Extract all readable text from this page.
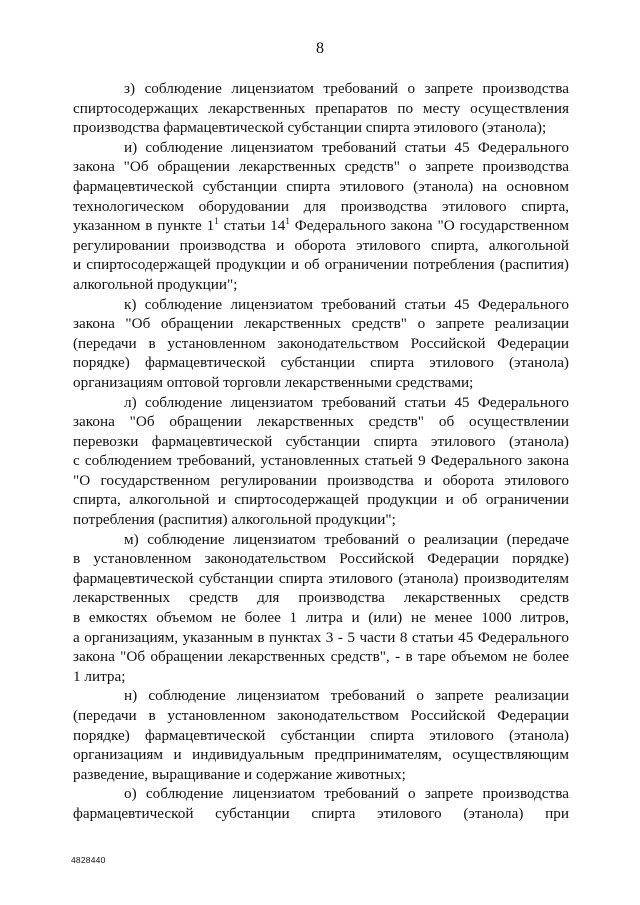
8
з) соблюдение лицензиатом требований о запрете производства
спиртосодержащих лекарственных препаратов по месту осуществления
производства фармацевтической субстанции спирта этилового (этанола);
и) соблюдение лицензиатом требований статьи 45 Федерального
закона "Об обращении лекарственных средств" о запрете производства
фармацевтической субстанции спирта этилового (этанола) на основном
технологическом оборудовании для производства этилового спирта,
указанном в пункте $1^1$ статьи $14^1$ Федерального закона "О государственном
регулировании производства и оборота этилового спирта, алкогольной
и спиртосодержащей продукции и об ограничении потребления (распития)
алкогольной продукции";
к) соблюдение лицензиатом требований статьи 45 Федерального
закона "Об обращении лекарственных средств" о запрете реализации
(передачи в установленном законодательством Российской Федерации
порядке) фармацевтической субстанции спирта этилового (этанола)
организациям оптовой торговли лекарственными средствами;
л) соблюдение лицензиатом требований статьи 45 Федерального
закона "Об обращении лекарственных средств" об осуществлении
перевозки фармацевтической субстанции спирта этилового (этанола)
с соблюдением требований, установленных статьей 9 Федерального закона
"О государственном регулировании производства и оборота этилового
спирта, алкогольной и спиртосодержащей продукции и об ограничении
потребления (распития) алкогольной продукции";
м) соблюдение лицензиатом требований о реализации (передаче
в установленном законодательством Российской Федерации порядке)
фармацевтической субстанции спирта этилового (этанола) производителям
лекарственных средств для производства лекарственных средств
в емкостях объемом не более 1 литра и (или) не менее 1000 литров,
а организациям, указанным в пунктах 3 - 5 части 8 статьи 45 Федерального
закона "Об обращении лекарственных средств", - в таре объемом не более
1 литра;
н) соблюдение лицензиатом требований о запрете реализации
(передачи в установленном законодательством Российской Федерации
порядке) фармацевтической субстанции спирта этилового (этанола)
организациям и индивидуальным предпринимателям, осуществляющим
разведение, выращивание и содержание животных;
о) соблюдение лицензиатом требований о запрете производства
фармацевтической субстанции спирта этилового (этанола) при
4828440
